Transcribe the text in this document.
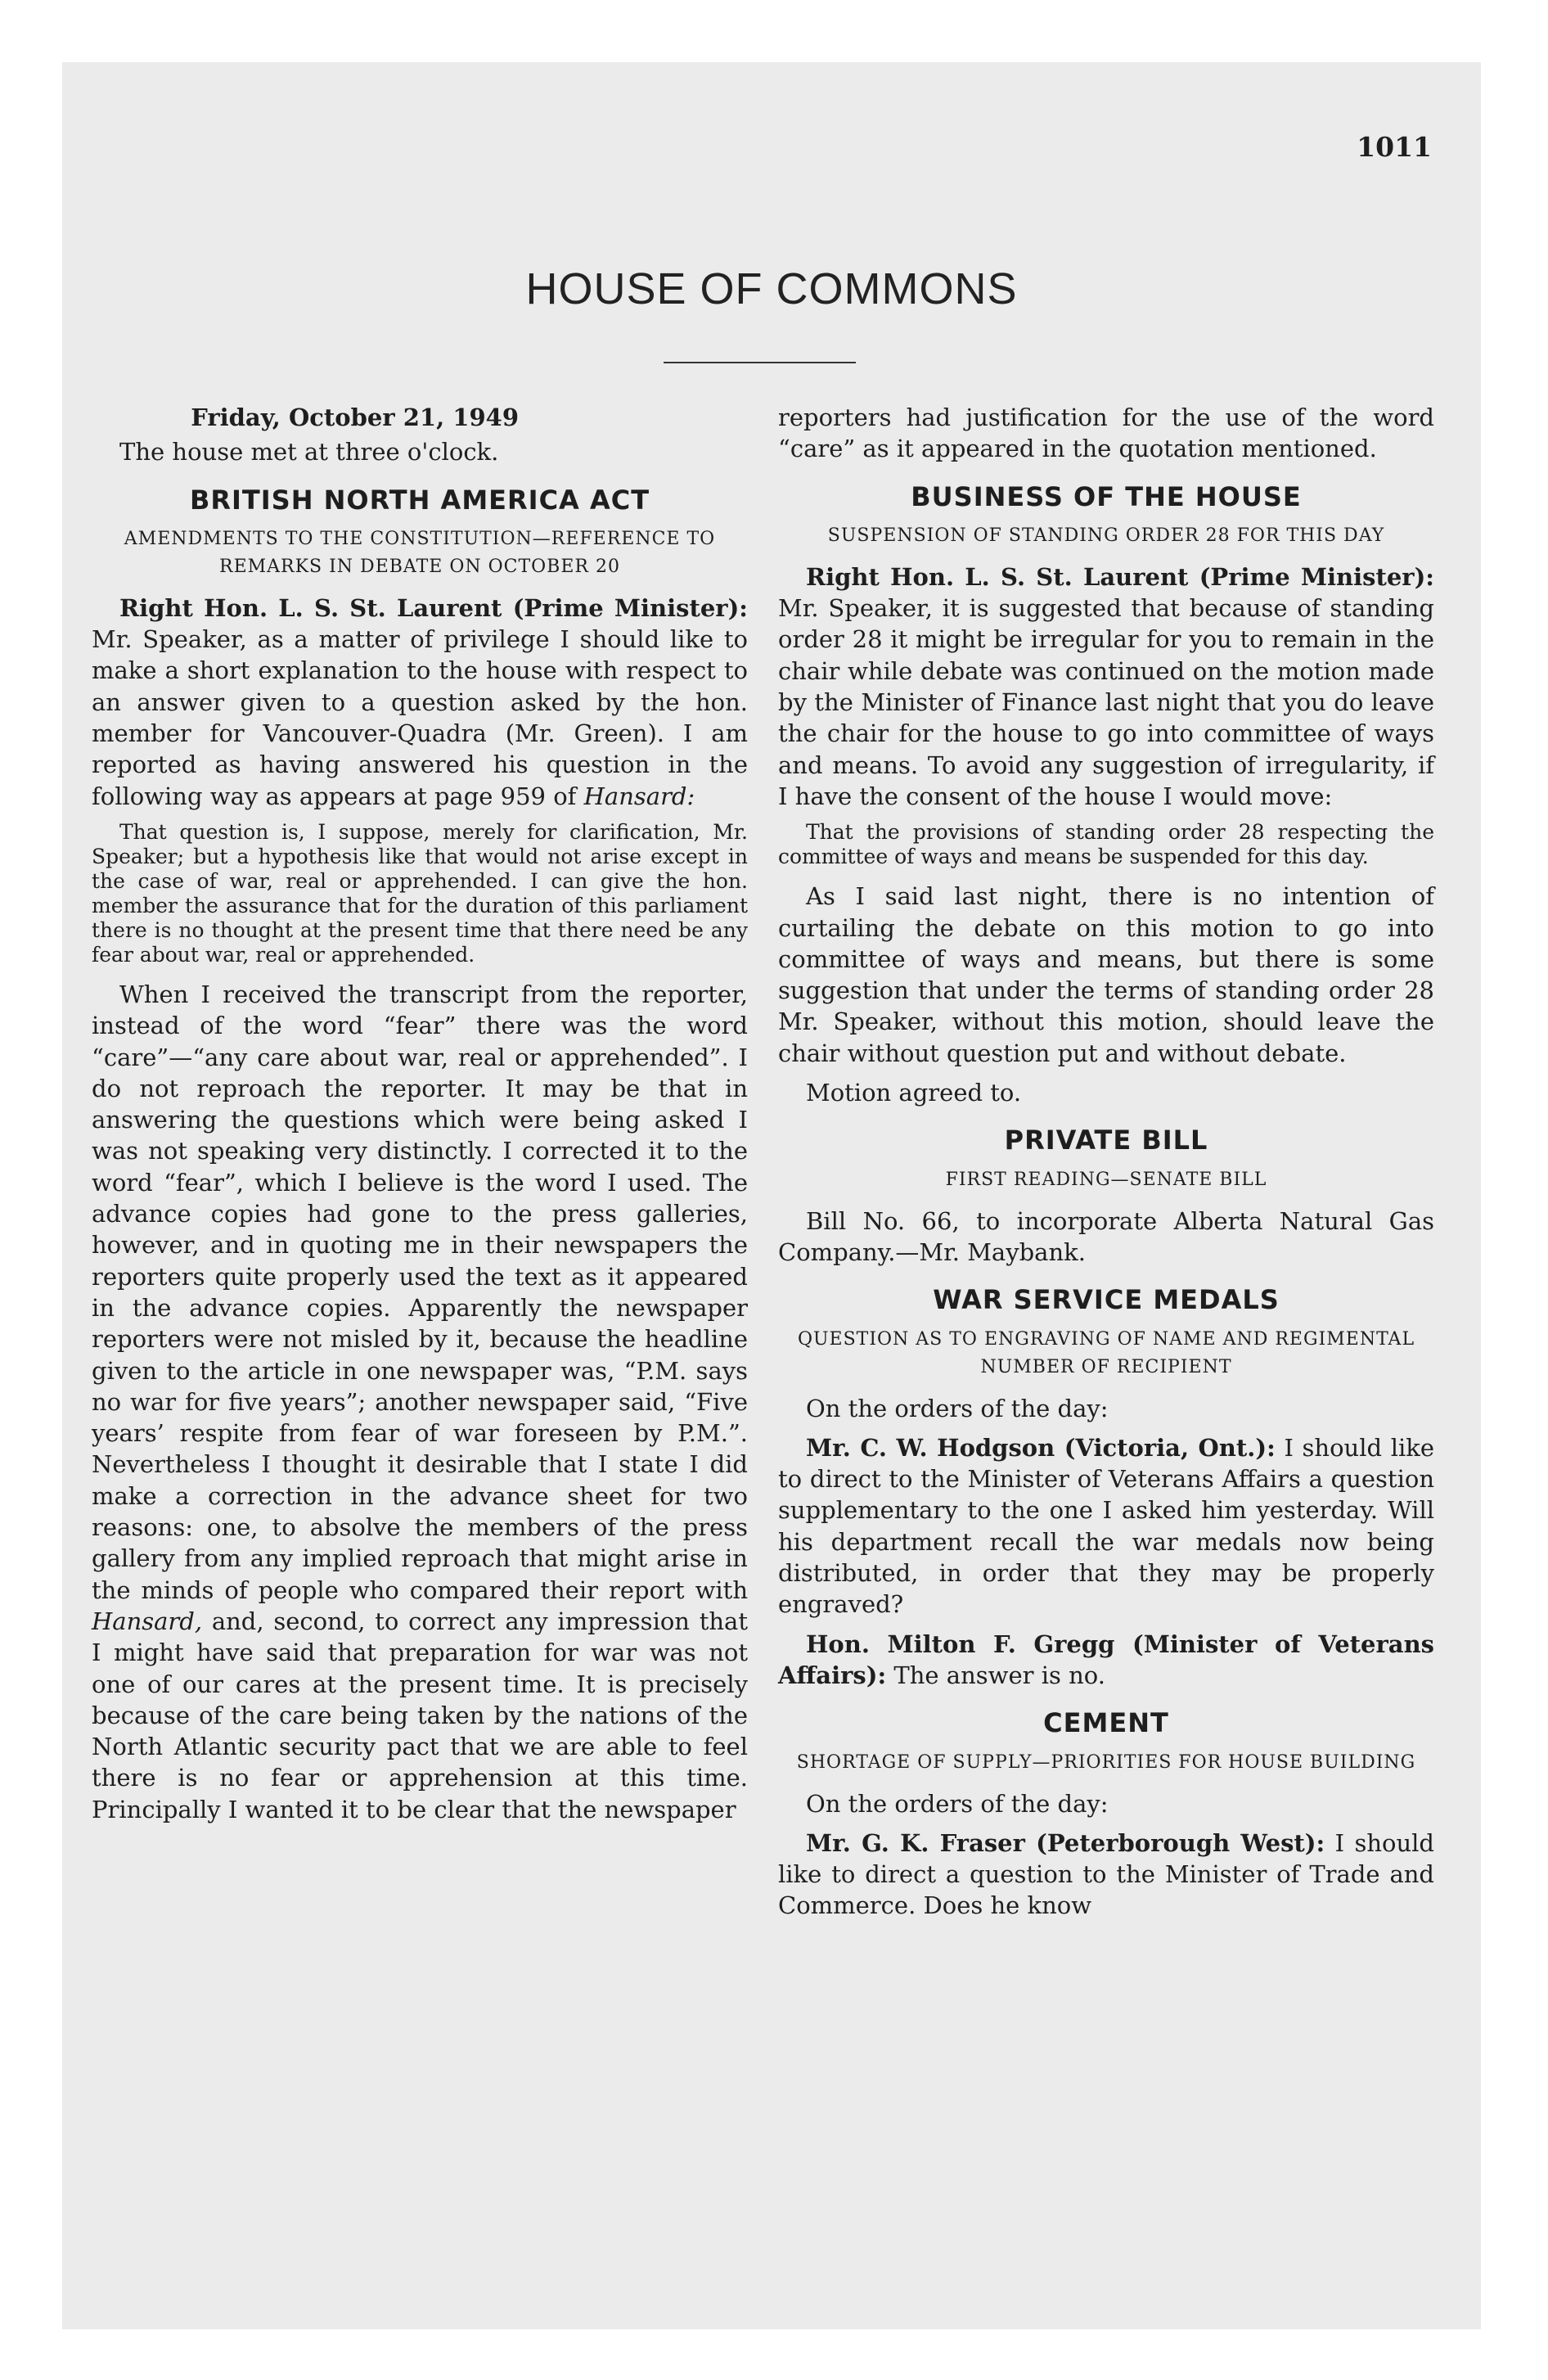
1011
HOUSE OF COMMONS

Friday, October 21, 1949

The house met at three o'clock.

BRITISH NORTH AMERICA ACT
AMENDMENTS TO THE CONSTITUTION—REFERENCE TO REMARKS IN DEBATE ON OCTOBER 20

Right Hon. L. S. St. Laurent (Prime Minister): Mr. Speaker, as a matter of privilege I should like to make a short explanation to the house with respect to an answer given to a question asked by the hon. member for Vancouver-Quadra (Mr. Green). I am reported as having answered his question in the following way as appears at page 959 of Hansard:

That question is, I suppose, merely for clarification, Mr. Speaker; but a hypothesis like that would not arise except in the case of war, real or apprehended. I can give the hon. member the assurance that for the duration of this parliament there is no thought at the present time that there need be any fear about war, real or apprehended.

When I received the transcript from the reporter, instead of the word “fear” there was the word “care”—“any care about war, real or apprehended”. I do not reproach the reporter. It may be that in answering the questions which were being asked I was not speaking very distinctly. I corrected it to the word “fear”, which I believe is the word I used. The advance copies had gone to the press galleries, however, and in quoting me in their newspapers the reporters quite properly used the text as it appeared in the advance copies. Apparently the newspaper reporters were not misled by it, because the headline given to the article in one newspaper was, “P.M. says no war for five years”; another newspaper said, “Five years’ respite from fear of war foreseen by P.M.”. Nevertheless I thought it desirable that I state I did make a correction in the advance sheet for two reasons: one, to absolve the members of the press gallery from any implied reproach that might arise in the minds of people who compared their report with Hansard, and, second, to correct any impression that I might have said that preparation for war was not one of our cares at the present time. It is precisely because of the care being taken by the nations of the North Atlantic security pact that we are able to feel there is no fear or apprehension at this time. Principally I wanted it to be clear that the newspaper

reporters had justification for the use of the word “care” as it appeared in the quotation mentioned.

BUSINESS OF THE HOUSE
SUSPENSION OF STANDING ORDER 28 FOR THIS DAY

Right Hon. L. S. St. Laurent (Prime Minister): Mr. Speaker, it is suggested that because of standing order 28 it might be irregular for you to remain in the chair while debate was continued on the motion made by the Minister of Finance last night that you do leave the chair for the house to go into committee of ways and means. To avoid any suggestion of irregularity, if I have the consent of the house I would move:

That the provisions of standing order 28 respecting the committee of ways and means be suspended for this day.

As I said last night, there is no intention of curtailing the debate on this motion to go into committee of ways and means, but there is some suggestion that under the terms of standing order 28 Mr. Speaker, without this motion, should leave the chair without question put and without debate.

Motion agreed to.

PRIVATE BILL
FIRST READING—SENATE BILL

Bill No. 66, to incorporate Alberta Natural Gas Company.—Mr. Maybank.

WAR SERVICE MEDALS
QUESTION AS TO ENGRAVING OF NAME AND REGIMENTAL NUMBER OF RECIPIENT

On the orders of the day:

Mr. C. W. Hodgson (Victoria, Ont.): I should like to direct to the Minister of Veterans Affairs a question supplementary to the one I asked him yesterday. Will his department recall the war medals now being distributed, in order that they may be properly engraved?

Hon. Milton F. Gregg (Minister of Veterans Affairs): The answer is no.

CEMENT
SHORTAGE OF SUPPLY—PRIORITIES FOR HOUSE BUILDING

On the orders of the day:

Mr. G. K. Fraser (Peterborough West): I should like to direct a question to the Minister of Trade and Commerce. Does he know
